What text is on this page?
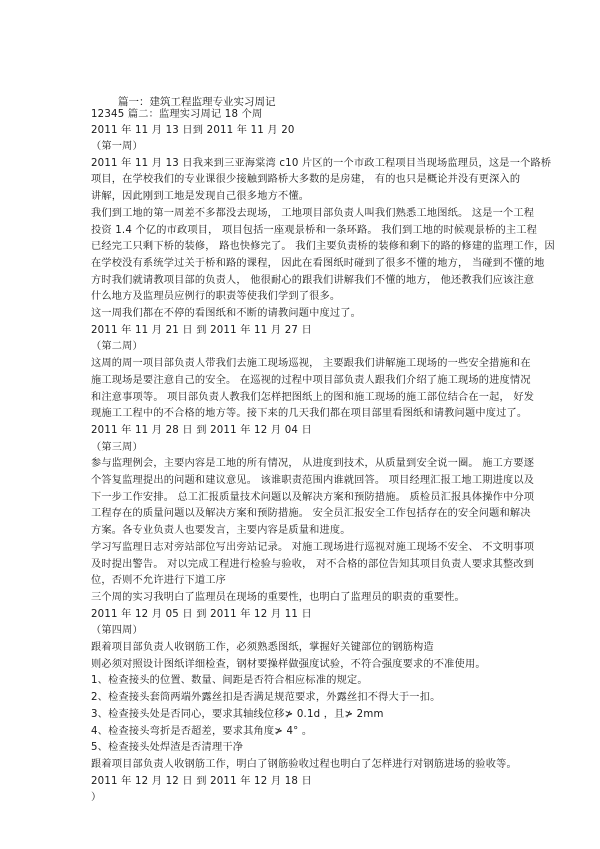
篇一：建筑工程监理专业实习周记
12345 篇二：监理实习周记 18 个周
2011 年 11 月 13 日到 2011 年 11 月 20
（第一周）
2011 年 11 月 13 日我来到三亚海棠湾 c10 片区的一个市政工程项目当现场监理员，这是一个路桥
项目，在学校我们的专业课很少接触到路桥大多数的是房建， 有的也只是概论并没有更深入的
讲解，因此刚到工地是发现自己很多地方不懂。
我们到工地的第一周差不多都没去现场， 工地项目部负责人叫我们熟悉工地图纸。 这是一个工程
投资 1.4 个亿的市政项目， 项目包括一座观景桥和一条环路。 我们到工地的时候观景桥的主工程
已经完工只剩下桥的装修， 路也快修完了。 我们主要负责桥的装修和剩下的路的修建的监理工作，因
在学校没有系统学过关于桥和路的课程， 因此在看图纸时碰到了很多不懂的地方， 当碰到不懂的地
方时我们就请教项目部的负责人， 他很耐心的跟我们讲解我们不懂的地方， 他还教我们应该注意
什么地方及监理员应例行的职责等使我们学到了很多。
这一周我们都在不停的看图纸和不断的请教问题中度过了。
2011 年 11 月 21 日 到 2011 年 11 月 27 日
（第二周）
这周的周一项目部负责人带我们去施工现场巡视， 主要跟我们讲解施工现场的一些安全措施和在
施工现场是要注意自己的安全。 在巡视的过程中项目部负责人跟我们介绍了施工现场的进度情况
和注意事项等。 项目部负责人教我们怎样把图纸上的图和施工现场的施工部位结合在一起， 好发
现施工工程中的不合格的地方等。接下来的几天我们都在项目部里看图纸和请教问题中度过了。
2011 年 11 月 28 日 到 2011 年 12 月 04 日
（第三周）
参与监理例会，主要内容是工地的所有情况， 从进度到技术，从质量到安全说一圈。 施工方要逐
个答复监理提出的问题和建议意见。 该谁职责范围内谁就回答。 项目经理汇报工地工期进度以及
下一步工作安排。 总工汇报质量技术问题以及解决方案和预防措施。 质检员汇报具体操作中分项
工程存在的质量问题以及解决方案和预防措施。 安全员汇报安全工作包括存在的安全问题和解决
方案。各专业负责人也要发言，主要内容是质量和进度。
学习写监理日志对旁站部位写出旁站记录。 对施工现场进行巡视对施工现场不安全、 不文明事项
及时提出警告。 对以完成工程进行检验与验收， 对不合格的部位告知其项目负责人要求其整改到
位，否则不允许进行下道工序
三个周的实习我明白了监理员在现场的重要性，也明白了监理员的职责的重要性。
2011 年 12 月 05 日 到 2011 年 12 月 11 日
（第四周）
跟着项目部负责人收钢筋工作，必须熟悉图纸，掌握好关键部位的钢筋构造
则必须对照设计图纸详细检查，钢材要操样做强度试验，不符合强度要求的不准使用。
1、检查接头的位置、数量、间距是否符合相应标准的规定。
2、检查接头套筒两端外露丝扣是否满足规范要求，外露丝扣不得大于一扣。
3、检查接头处是否同心，要求其轴线位移≯ 0.1d ，且≯ 2mm
4、检查接头弯折是否超差，要求其角度≯ 4° 。
5、检查接头处焊渣是否清理干净
跟着项目部负责人收钢筋工作，明白了钢筋验收过程也明白了怎样进行对钢筋进场的验收等。
2011 年 12 月 12 日 到 2011 年 12 月 18 日
）
